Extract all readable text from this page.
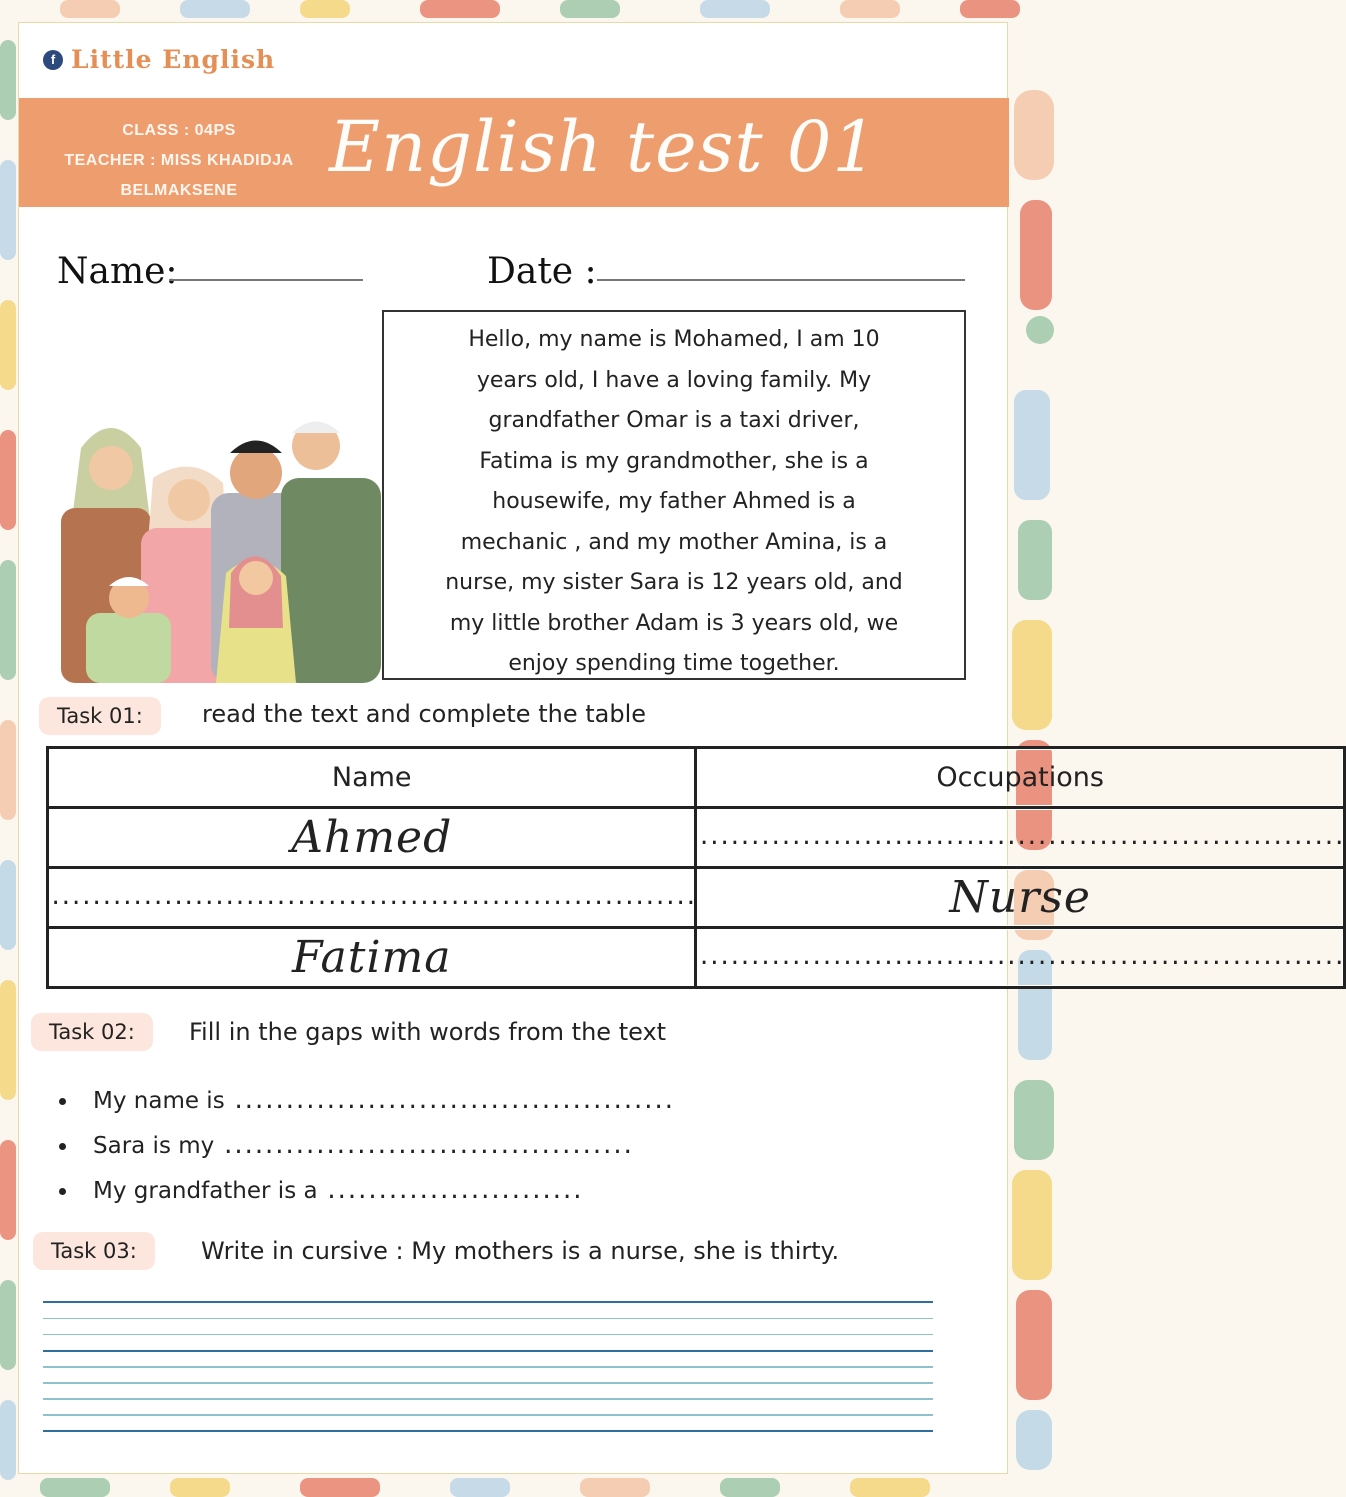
f Little English
CLASS : 04PS
TEACHER : MISS KHADIDJA
BELMAKSENE
English test 01
Name:	Date :
Hello, my name is Mohamed, I am 10
years old, I have a loving family. My
grandfather Omar is a taxi driver,
Fatima is my grandmother, she is a
housewife, my father Ahmed is a
mechanic , and my mother Amina, is a
nurse, my sister Sara is 12 years old, and
my little brother Adam is 3 years old, we
enjoy spending time together.
Task 01:	read the text and complete the table
Name	Occupations
Ahmed	...............................................................
...............................................................	Nurse
Fatima	...............................................................
Task 02:	Fill in the gaps with words from the text
• My name is ...........................................
• Sara is my ........................................
• My grandfather is a .........................
Task 03:	Write in cursive : My mothers is a nurse, she is thirty.
